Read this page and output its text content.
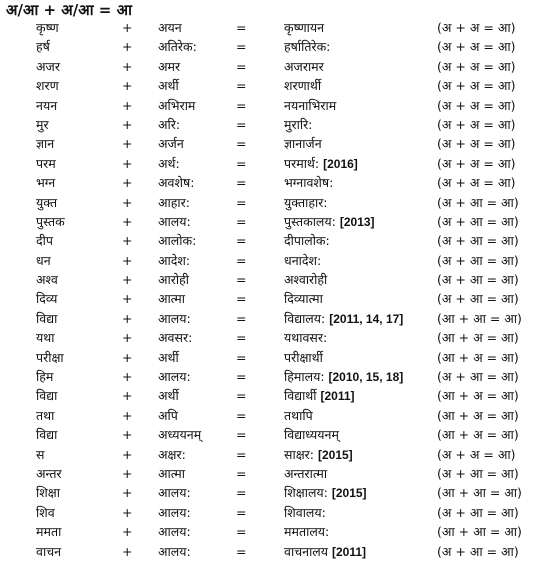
अ/आ + अ/आ = आ
कृष्ण	+ अयन	=	कृष्णायन	(अ + अ = आ)
हर्ष	+ अतिरेक:	=	हर्षातिरेक:	(अ + अ = आ)
अजर	+ अमर	=	अजरामर	(अ + अ = आ)
शरण	+ अर्थी	=	शरणार्थी	(अ + अ = आ)
नयन	+ अभिराम	=	नयनाभिराम	(अ + अ = आ)
मुर	+ अरि:	=	मुरारि:	(अ + अ = आ)
ज्ञान	+ अर्जन	=	ज्ञानार्जन	(अ + अ = आ)
परम	+ अर्थ:	=	परमार्थ: [2016]	(अ + अ = आ)
भग्न	+ अवशेष:	=	भग्नावशेष:	(अ + अ = आ)
युक्त	+ आहार:	=	युक्ताहार:	(अ + आ = आ)
पुस्तक	+ आलय:	=	पुस्तकालय: [2013]	(अ + आ = आ)
दीप	+ आलोक:	=	दीपालोक:	(अ + आ = आ)
धन	+ आदेश:	=	धनादेश:	(अ + आ = आ)
अश्व	+ आरोही	=	अश्वारोही	(अ + आ = आ)
दिव्य	+ आत्मा	=	दिव्यात्मा	(अ + आ = आ)
विद्या	+ आलय:	=	विद्यालय: [2011, 14, 17]	(आ + आ = आ)
यथा	+ अवसर:	=	यथावसर:	(आ + अ = आ)
परीक्षा	+ अर्थी	=	परीक्षार्थी	(आ + अ = आ)
हिम	+ आलय:	=	हिमालय: [2010, 15, 18]	(अ + आ = आ)
विद्या	+ अर्थी	=	विद्यार्थी [2011]	(आ + अ = आ)
तथा	+ अपि	=	तथापि	(आ + अ = आ)
विद्या	+ अध्ययनम्	=	विद्याध्ययनम्	(आ + अ = आ)
स	+ अक्षर:	=	साक्षर: [2015]	(अ + अ = आ)
अन्तर	+ आत्मा	=	अन्तरात्मा	(अ + आ = आ)
शिक्षा	+ आलय:	=	शिक्षालय: [2015]	(आ + आ = आ)
शिव	+ आलय:	=	शिवालय:	(अ + आ = आ)
ममता	+ आलय:	=	ममतालय:	(आ + आ = आ)
वाचन	+ आलय:	=	वाचनालय [2011]	(अ + आ = आ)
